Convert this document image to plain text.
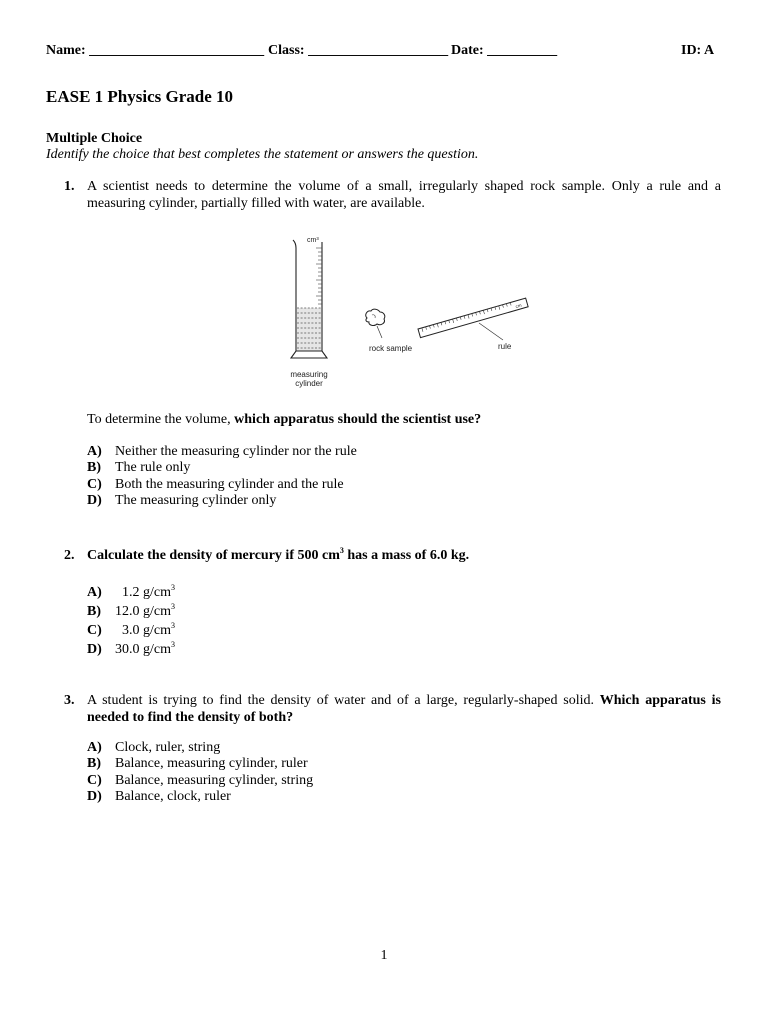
Name: _________________________ Class: ____________________ Date: __________	ID: A
EASE 1 Physics Grade 10
Multiple Choice
Identify the choice that best completes the statement or answers the question.
1. A scientist needs to determine the volume of a small, irregularly shaped rock sample. Only a rule and a measuring cylinder, partially filled with water, are available.
cm³
measuring
cylinder
rock sample
cm
rule
To determine the volume, which apparatus should the scientist use?
A) Neither the measuring cylinder nor the rule
B) The rule only
C) Both the measuring cylinder and the rule
D) The measuring cylinder only
2. Calculate the density of mercury if 500 $cm^3$ has a mass of 6.0 kg.
A) 1.2 $g/cm^3$
B) 12.0 $g/cm^3$
C) 3.0 $g/cm^3$
D) 30.0 $g/cm^3$
3. A student is trying to find the density of water and of a large, regularly-shaped solid. Which apparatus is needed to find the density of both?
A) Clock, ruler, string
B) Balance, measuring cylinder, ruler
C) Balance, measuring cylinder, string
D) Balance, clock, ruler
1
